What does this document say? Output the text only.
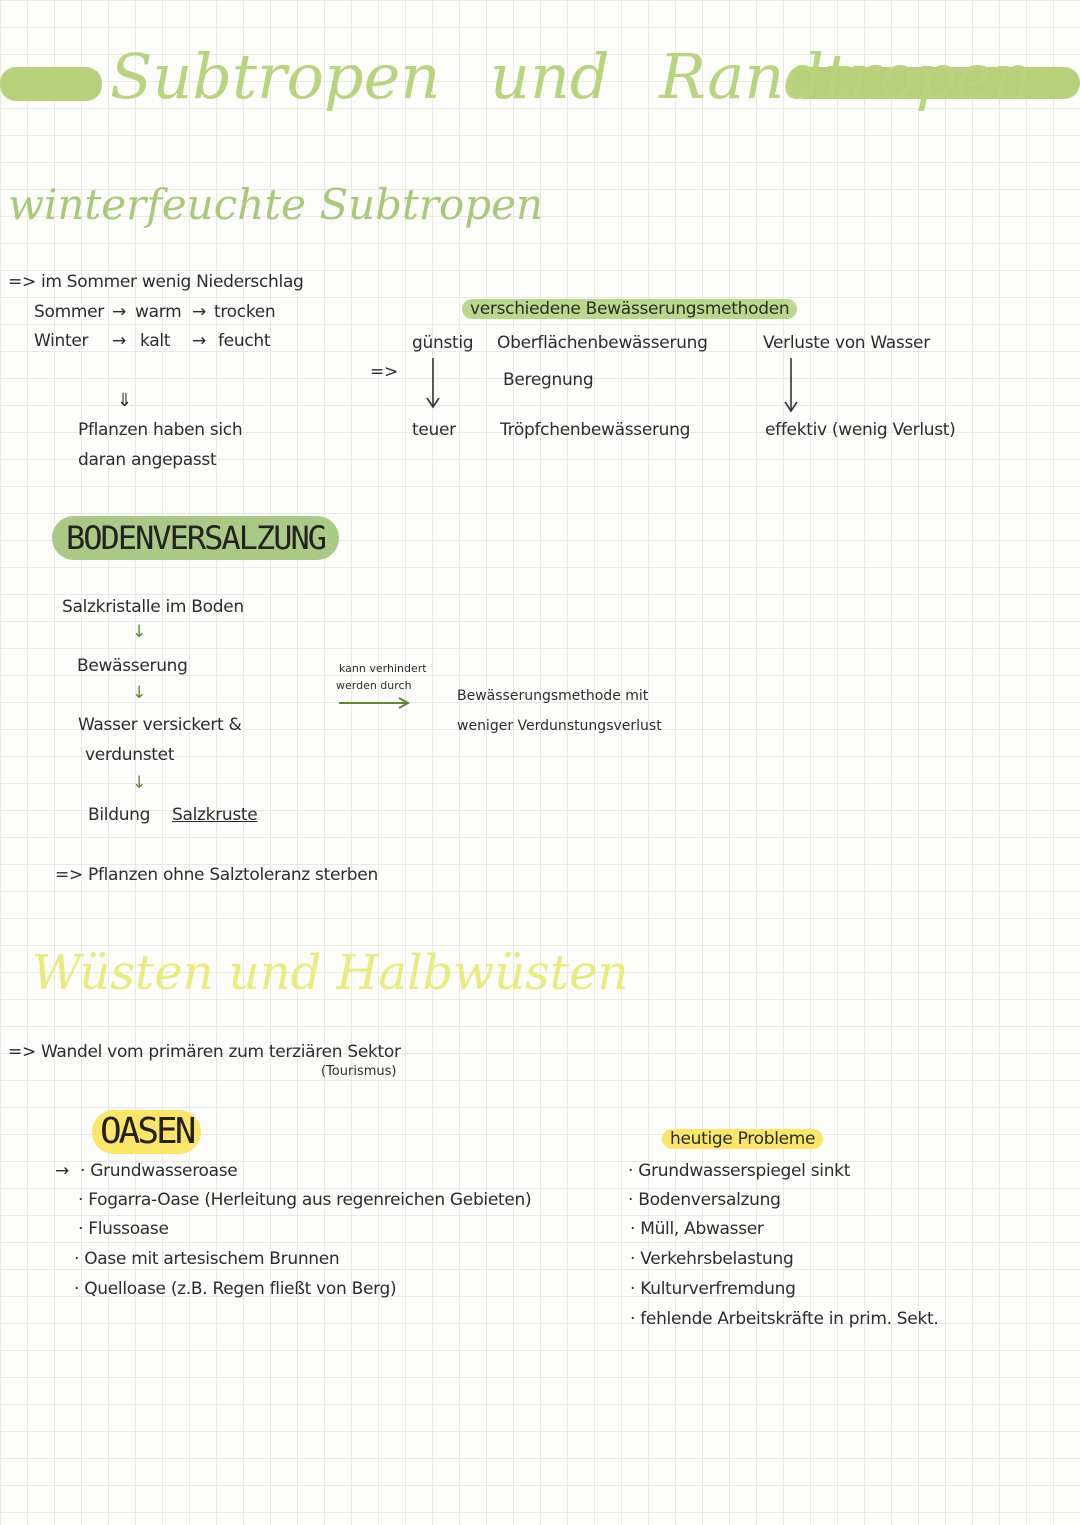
Subtropen und Randtropen
winterfeuchte Subtropen
=> im Sommer wenig Niederschlag
Sommer → warm → trocken
Winter → kalt → feucht
⇓
Pflanzen haben sich
daran angepasst
verschiedene Bewässerungsmethoden
=>
günstig
teuer
Oberflächenbewässerung
Beregnung
Tröpfchenbewässerung
Verluste von Wasser
effektiv (wenig Verlust)
BODENVERSALZUNG
Salzkristalle im Boden
↓
Bewässerung
↓
Wasser versickert &
verdunstet
↓
Bildung Salzkruste
kann verhindert
werden durch
Bewässerungsmethode mit
weniger Verdunstungsverlust
=> Pflanzen ohne Salztoleranz sterben
Wüsten und Halbwüsten
=> Wandel vom primären zum terziären Sektor
(Tourismus)
OASEN
→ · Grundwasseroase
· Fogarra-Oase (Herleitung aus regenreichen Gebieten)
· Flussoase
· Oase mit artesischem Brunnen
· Quelloase (z.B. Regen fließt von Berg)
heutige Probleme
· Grundwasserspiegel sinkt
· Bodenversalzung
· Müll, Abwasser
· Verkehrsbelastung
· Kulturverfremdung
· fehlende Arbeitskräfte in prim. Sekt.
